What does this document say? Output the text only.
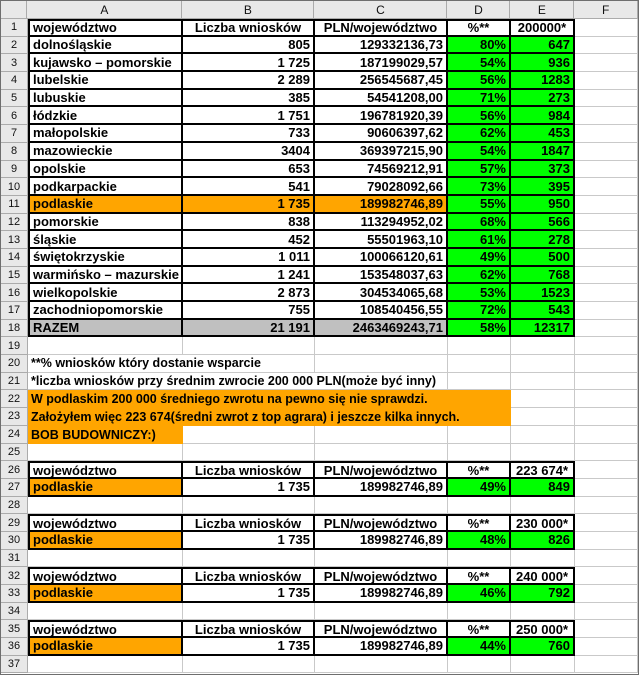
A	B	C	D	E	F
1	województwo	Liczba wniosków	PLN/województwo	%**	200000*
2	dolnośląskie	805	129332136,73	80%	647
3	kujawsko – pomorskie	1 725	187199029,57	54%	936
4	lubelskie	2 289	256545687,45	56%	1283
5	lubuskie	385	54541208,00	71%	273
6	łódzkie	1 751	196781920,39	56%	984
7	małopolskie	733	90606397,62	62%	453
8	mazowieckie	3404	369397215,90	54%	1847
9	opolskie	653	74569212,91	57%	373
10 podkarpackie	541	79028092,66	73%	395
11	podlaskie	1 735	189982746,89	55%	950
12 pomorskie	838	113294952,02	68%	566
13 śląskie	452	55501963,10	61%	278
14 świętokrzyskie	1 011	100066120,61	49%	500
15 warmińsko – mazurskie	1 241	153548037,63	62%	768
16 wielkopolskie	2 873	304534065,68	53%	1523
17 zachodniopomorskie	755	108540456,55	72%	543
18 RAZEM	21 191	2463469243,71	58%	12317
19
20 **% wniosków który dostanie wsparcie
21 *liczba wniosków przy średnim zwrocie 200 000 PLN(może być inny)
22 W podlaskim 200 000 średniego zwrotu na pewno się nie sprawdzi.
23 Założyłem więc 223 674(średni zwrot z top agrara) i jeszcze kilka innych.
24 BOB BUDOWNICZY:)
25
26 województwo	Liczba wniosków	PLN/województwo	%**	223 674*
27 podlaskie	1 735	189982746,89	49%	849
28
29 województwo	Liczba wniosków	PLN/województwo	%**	230 000*
30 podlaskie	1 735	189982746,89	48%	826
31
32 województwo	Liczba wniosków	PLN/województwo	%**	240 000*
33 podlaskie	1 735	189982746,89	46%	792
34
35 województwo	Liczba wniosków	PLN/województwo	%**	250 000*
36 podlaskie	1 735	189982746,89	44%	760
37
